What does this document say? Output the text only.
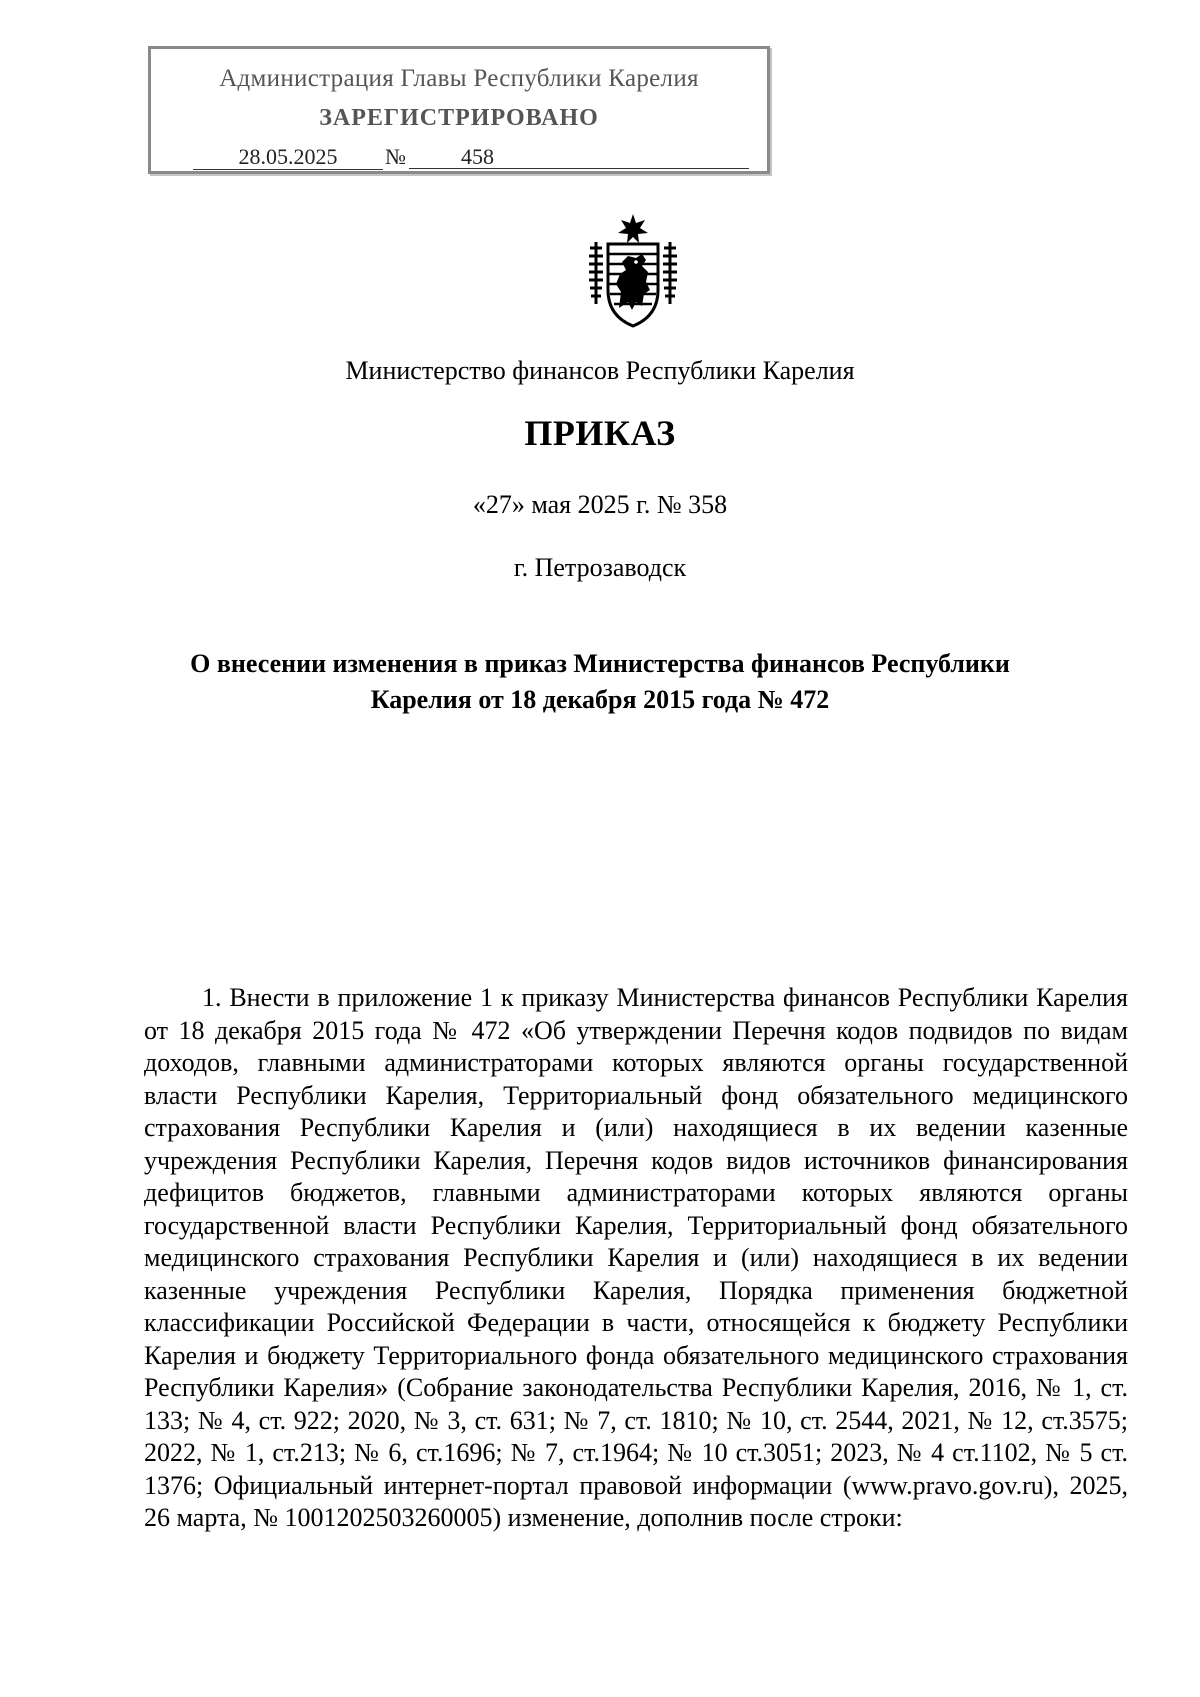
Администрация Главы Республики Карелия
ЗАРЕГИСТРИРОВАНО
28.05.2025	№	458
Министерство финансов Республики Карелия
ПРИКАЗ
«27» мая 2025 г. № 358
г. Петрозаводск
О внесении изменения в приказ Министерства финансов Республики
Карелия от 18 декабря 2015 года № 472

1. Внести в приложение 1 к приказу Министерства финансов Республики Карелия от 18 декабря 2015 года № 472 «Об утверждении Перечня кодов подвидов по видам доходов, главными администраторами которых являются органы государственной власти Республики Карелия, Территориальный фонд обязательного медицинского страхования Республики Карелия и (или) находящиеся в их ведении казенные учреждения Республики Карелия, Перечня кодов видов источников финансирования дефицитов бюджетов, главными администраторами которых являются органы государственной власти Республики Карелия, Территориальный фонд обязательного медицинского страхования Республики Карелия и (или) находящиеся в их ведении казенные учреждения Республики Карелия, Порядка применения бюджетной классификации Российской Федерации в части, относящейся к бюджету Республики Карелия и бюджету Территориального фонда обязательного медицинского страхования Республики Карелия» (Собрание законодательства Республики Карелия, 2016, № 1, ст. 133; № 4, ст. 922; 2020, № 3, ст. 631; № 7, ст. 1810; № 10, ст. 2544, 2021, № 12, ст.3575; 2022, № 1, ст.213; № 6, ст.1696; № 7, ст.1964; № 10 ст.3051; 2023, № 4 ст.1102, № 5 ст. 1376; Официальный интернет-портал правовой информации (www.pravo.gov.ru), 2025, 26 марта, № 1001202503260005) изменение, дополнив после строки:
